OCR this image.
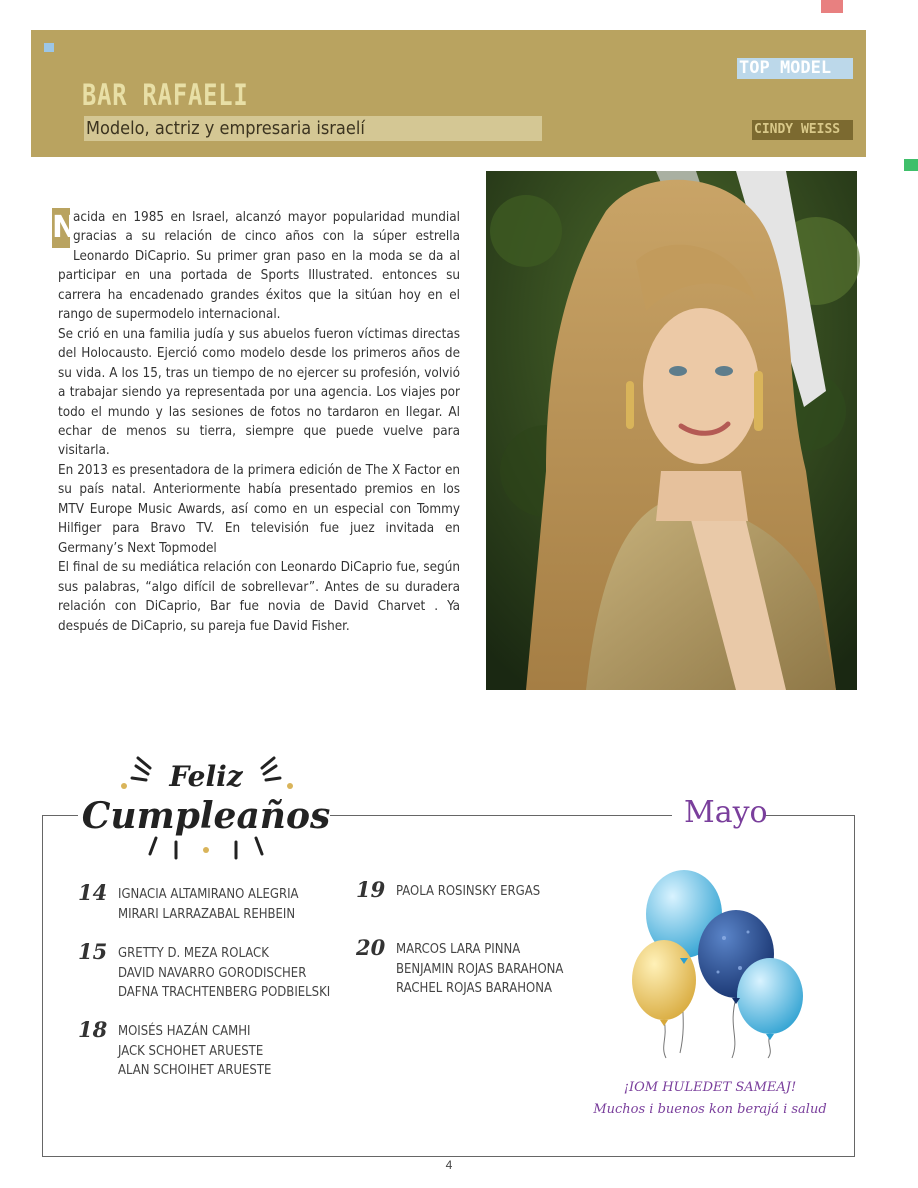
BAR RAFAELI
Modelo, actriz y empresaria israelí
TOP MODEL
CINDY WEISS
N

acida en 1985 en Israel, alcanzó mayor popularidad mundial gracias a su relación de cinco años con la súper estrella Leonardo DiCaprio. Su primer gran paso en la moda se da al participar en una portada de Sports Illustrated. entonces su carrera ha encadenado grandes éxitos que la sitúan hoy en el rango de supermodelo internacional.

Se crió en una familia judía y sus abuelos fueron víctimas directas del Holocausto. Ejerció como modelo desde los primeros años de su vida. A los 15, tras un tiempo de no ejercer su profesión, volvió a trabajar siendo ya representada por una agencia. Los viajes por todo el mundo y las sesiones de fotos no tardaron en llegar. Al echar de menos su tierra, siempre que puede vuelve para visitarla.

En 2013 es presentadora de la primera edición de The X Factor en su país natal. Anteriormente había presentado premios en los MTV Europe Music Awards, así como en un especial con Tommy Hilfiger para Bravo TV. En televisión fue juez invitada en Germany’s Next Topmodel

El final de su mediática relación con Leonardo DiCaprio fue, según sus palabras, “algo difícil de sobrellevar”. Antes de su duradera relación con DiCaprio, Bar fue novia de David Charvet . Ya después de DiCaprio, su pareja fue David Fisher.

Feliz
Cumpleaños	Mayo
14 IGNACIA ALTAMIRANO ALEGRIA
MIRARI LARRAZABAL REHBEIN
15 GRETTY D. MEZA ROLACK
DAVID NAVARRO GORODISCHER
DAFNA TRACHTENBERG PODBIELSKI
18 MOISÉS HAZÁN CAMHI
JACK SCHOHET ARUESTE
ALAN SCHOIHET ARUESTE
19 PAOLA ROSINSKY ERGAS
20 MARCOS LARA PINNA
BENJAMIN ROJAS BARAHONA
RACHEL ROJAS BARAHONA
¡IOM HULEDET SAMEAJ!
Muchos i buenos kon berajá i salud
4
